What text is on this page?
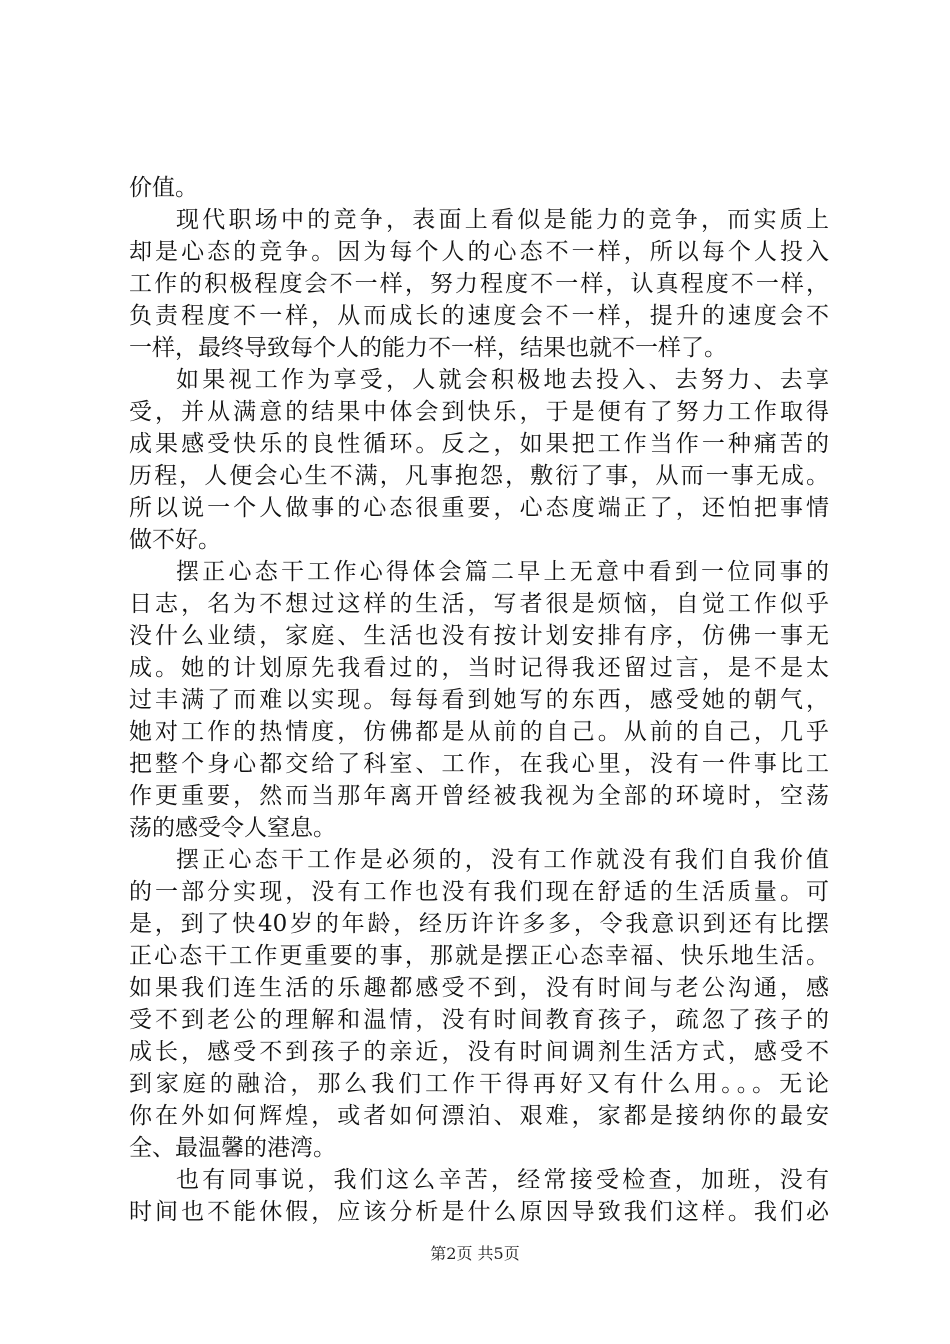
价值。
现代职场中的竞争，表面上看似是能力的竞争，而实质上
却是心态的竞争。因为每个人的心态不一样，所以每个人投入
工作的积极程度会不一样，努力程度不一样，认真程度不一样，
负责程度不一样，从而成长的速度会不一样，提升的速度会不
一样，最终导致每个人的能力不一样，结果也就不一样了。
如果视工作为享受，人就会积极地去投入、去努力、去享
受，并从满意的结果中体会到快乐，于是便有了努力工作取得
成果感受快乐的良性循环。反之，如果把工作当作一种痛苦的
历程，人便会心生不满，凡事抱怨，敷衍了事，从而一事无成。
所以说一个人做事的心态很重要，心态度端正了，还怕把事情
做不好。
摆正心态干工作心得体会篇二早上无意中看到一位同事的
日志，名为不想过这样的生活，写者很是烦恼，自觉工作似乎
没什么业绩，家庭、生活也没有按计划安排有序，仿佛一事无
成。她的计划原先我看过的，当时记得我还留过言，是不是太
过丰满了而难以实现。每每看到她写的东西，感受她的朝气，
她对工作的热情度，仿佛都是从前的自己。从前的自己，几乎
把整个身心都交给了科室、工作，在我心里，没有一件事比工
作更重要，然而当那年离开曾经被我视为全部的环境时，空荡
荡的感受令人窒息。
摆正心态干工作是必须的，没有工作就没有我们自我价值
的一部分实现，没有工作也没有我们现在舒适的生活质量。可
是，到了快40岁的年龄，经历许许多多，令我意识到还有比摆
正心态干工作更重要的事，那就是摆正心态幸福、快乐地生活。
如果我们连生活的乐趣都感受不到，没有时间与老公沟通，感
受不到老公的理解和温情，没有时间教育孩子，疏忽了孩子的
成长，感受不到孩子的亲近，没有时间调剂生活方式，感受不
到家庭的融洽，那么我们工作干得再好又有什么用。。。无论
你在外如何辉煌，或者如何漂泊、艰难，家都是接纳你的最安
全、最温馨的港湾。
也有同事说，我们这么辛苦，经常接受检查，加班，没有
时间也不能休假，应该分析是什么原因导致我们这样。我们必
第2页 共5页
